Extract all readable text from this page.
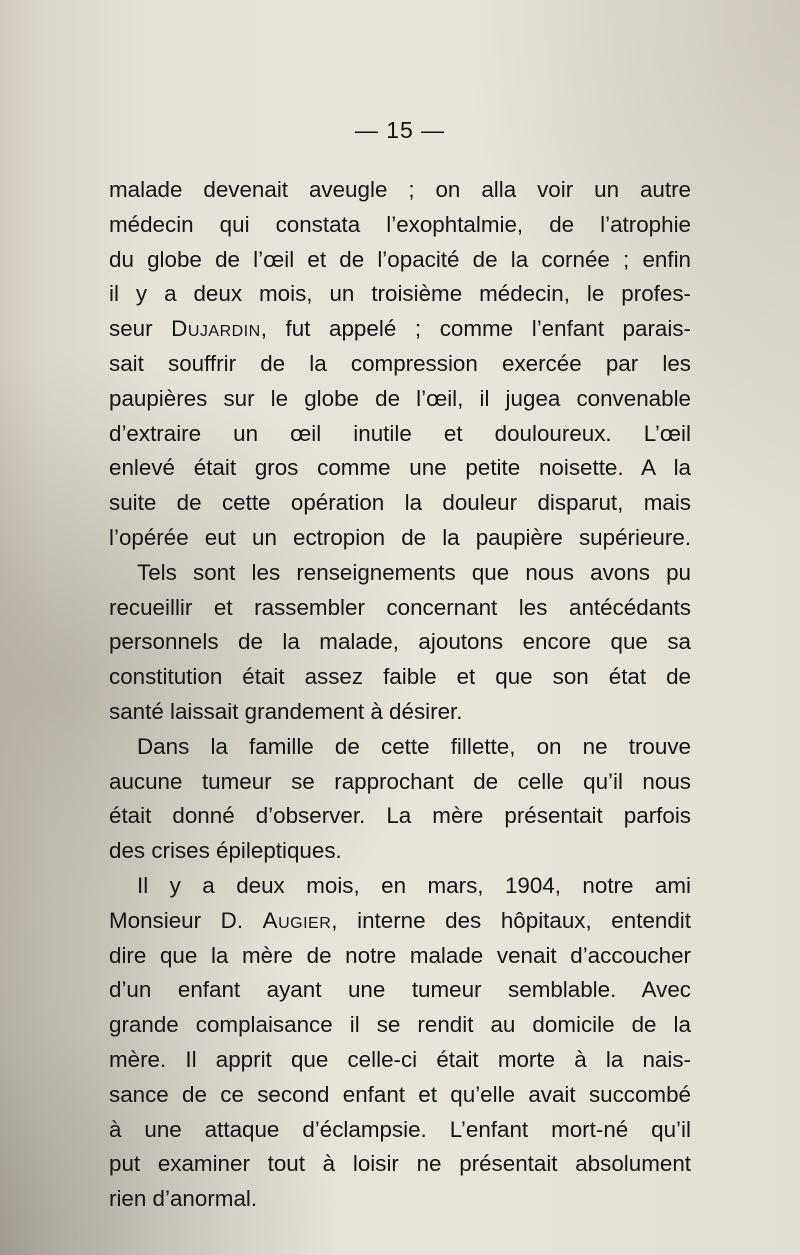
— 15 —
malade devenait aveugle ; on alla voir un autre
médecin qui constata l’exophtalmie, de l’atrophie
du globe de l’œil et de l’opacité de la cornée ; enfin
il y a deux mois, un troisième médecin, le profes-
seur Dujardin, fut appelé ; comme l’enfant parais-
sait souffrir de la compression exercée par les
paupières sur le globe de l’œil, il jugea convenable
d’extraire un œil inutile et douloureux. L’œil
enlevé était gros comme une petite noisette. A la
suite de cette opération la douleur disparut, mais
l’opérée eut un ectropion de la paupière supérieure.
Tels sont les renseignements que nous avons pu
recueillir et rassembler concernant les antécédants
personnels de la malade, ajoutons encore que sa
constitution était assez faible et que son état de
santé laissait grandement à désirer.
Dans la famille de cette fillette, on ne trouve
aucune tumeur se rapprochant de celle qu’il nous
était donné d’observer. La mère présentait parfois
des crises épileptiques.
Il y a deux mois, en mars, 1904, notre ami
Monsieur D. Augier, interne des hôpitaux, entendit
dire que la mère de notre malade venait d’accoucher
d’un enfant ayant une tumeur semblable. Avec
grande complaisance il se rendit au domicile de la
mère. Il apprit que celle-ci était morte à la nais-
sance de ce second enfant et qu’elle avait succombé
à une attaque d’éclampsie. L’enfant mort-né qu’il
put examiner tout à loisir ne présentait absolument
rien d’anormal.
